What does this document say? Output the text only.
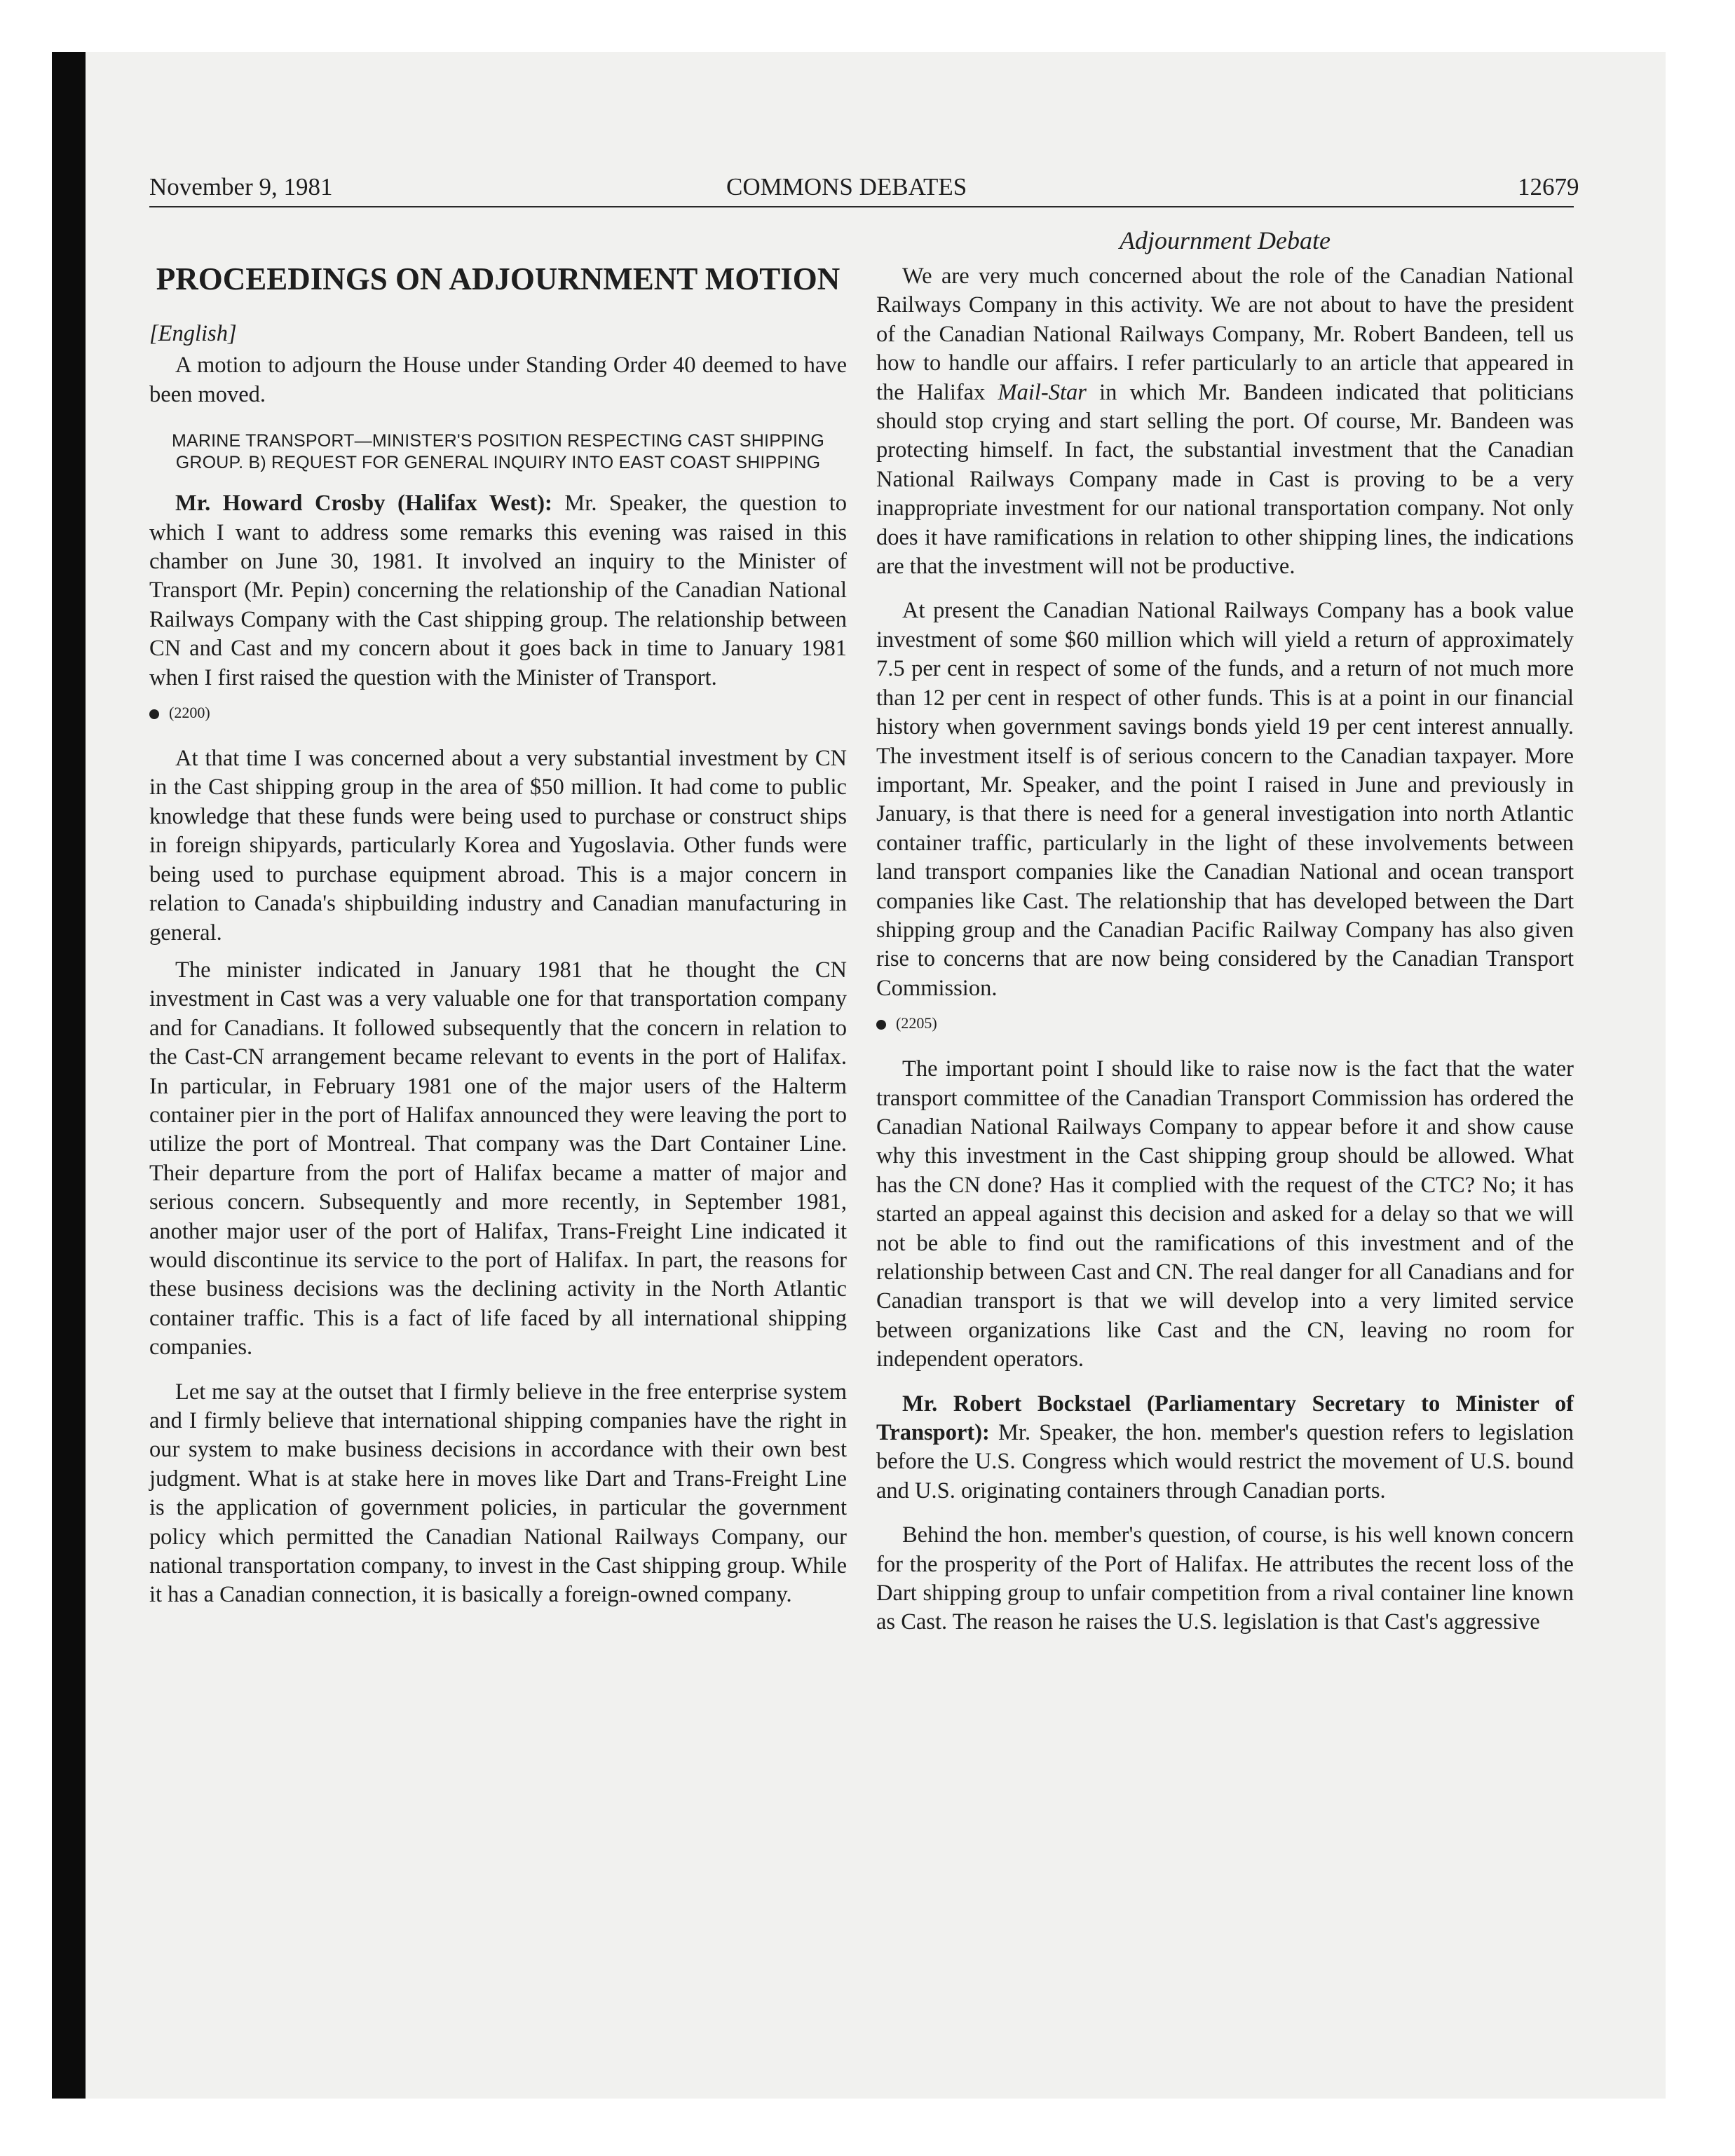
November 9, 1981	COMMONS DEBATES	12679
Adjournment Debate
PROCEEDINGS ON ADJOURNMENT MOTION
[English]

A motion to adjourn the House under Standing Order 40 deemed to have been moved.

MARINE TRANSPORT—MINISTER'S POSITION RESPECTING CAST SHIPPING GROUP. B) REQUEST FOR GENERAL INQUIRY INTO EAST COAST SHIPPING

Mr. Howard Crosby (Halifax West): Mr. Speaker, the question to which I want to address some remarks this evening was raised in this chamber on June 30, 1981. It involved an inquiry to the Minister of Transport (Mr. Pepin) concerning the relationship of the Canadian National Railways Company with the Cast shipping group. The relationship between CN and Cast and my concern about it goes back in time to January 1981 when I first raised the question with the Minister of Transport.

(2200)

At that time I was concerned about a very substantial investment by CN in the Cast shipping group in the area of $50 million. It had come to public knowledge that these funds were being used to purchase or construct ships in foreign shipyards, particularly Korea and Yugoslavia. Other funds were being used to purchase equipment abroad. This is a major concern in relation to Canada's shipbuilding industry and Canadian manufacturing in general.

The minister indicated in January 1981 that he thought the CN investment in Cast was a very valuable one for that transportation company and for Canadians. It followed subsequently that the concern in relation to the Cast-CN arrangement became relevant to events in the port of Halifax. In particular, in February 1981 one of the major users of the Halterm container pier in the port of Halifax announced they were leaving the port to utilize the port of Montreal. That company was the Dart Container Line. Their departure from the port of Halifax became a matter of major and serious concern. Subsequently and more recently, in September 1981, another major user of the port of Halifax, Trans-Freight Line indicated it would discontinue its service to the port of Halifax. In part, the reasons for these business decisions was the declining activity in the North Atlantic container traffic. This is a fact of life faced by all international shipping companies.

Let me say at the outset that I firmly believe in the free enterprise system and I firmly believe that international shipping companies have the right in our system to make business decisions in accordance with their own best judgment. What is at stake here in moves like Dart and Trans-Freight Line is the application of government policies, in particular the government policy which permitted the Canadian National Railways Company, our national transportation company, to invest in the Cast shipping group. While it has a Canadian connection, it is basically a foreign-owned company.

We are very much concerned about the role of the Canadian National Railways Company in this activity. We are not about to have the president of the Canadian National Railways Company, Mr. Robert Bandeen, tell us how to handle our affairs. I refer particularly to an article that appeared in the Halifax Mail-Star in which Mr. Bandeen indicated that politicians should stop crying and start selling the port. Of course, Mr. Bandeen was protecting himself. In fact, the substantial investment that the Canadian National Railways Company made in Cast is proving to be a very inappropriate investment for our national transportation company. Not only does it have ramifications in relation to other shipping lines, the indications are that the investment will not be productive.

At present the Canadian National Railways Company has a book value investment of some $60 million which will yield a return of approximately 7.5 per cent in respect of some of the funds, and a return of not much more than 12 per cent in respect of other funds. This is at a point in our financial history when government savings bonds yield 19 per cent interest annually. The investment itself is of serious concern to the Canadian taxpayer. More important, Mr. Speaker, and the point I raised in June and previously in January, is that there is need for a general investigation into north Atlantic container traffic, particularly in the light of these involvements between land transport companies like the Canadian National and ocean transport companies like Cast. The relationship that has developed between the Dart shipping group and the Canadian Pacific Railway Company has also given rise to concerns that are now being considered by the Canadian Transport Commission.

(2205)

The important point I should like to raise now is the fact that the water transport committee of the Canadian Transport Commission has ordered the Canadian National Railways Company to appear before it and show cause why this investment in the Cast shipping group should be allowed. What has the CN done? Has it complied with the request of the CTC? No; it has started an appeal against this decision and asked for a delay so that we will not be able to find out the ramifications of this investment and of the relationship between Cast and CN. The real danger for all Canadians and for Canadian transport is that we will develop into a very limited service between organizations like Cast and the CN, leaving no room for independent operators.

Mr. Robert Bockstael (Parliamentary Secretary to Minister of Transport): Mr. Speaker, the hon. member's question refers to legislation before the U.S. Congress which would restrict the movement of U.S. bound and U.S. originating containers through Canadian ports.

Behind the hon. member's question, of course, is his well known concern for the prosperity of the Port of Halifax. He attributes the recent loss of the Dart shipping group to unfair competition from a rival container line known as Cast. The reason he raises the U.S. legislation is that Cast's aggressive
